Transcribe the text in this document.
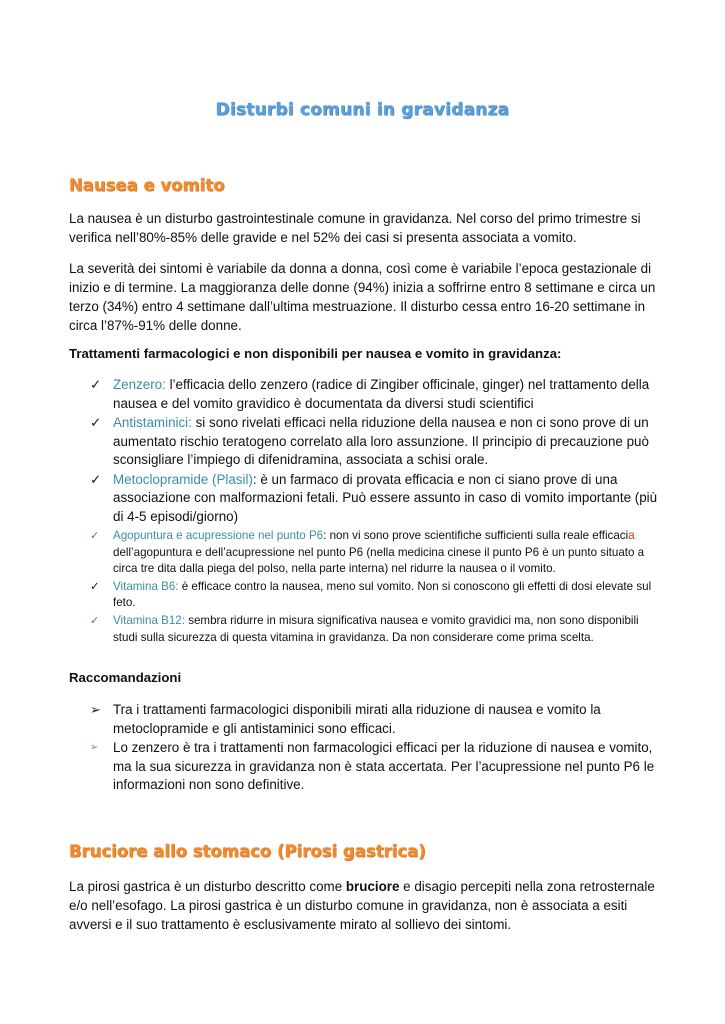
Disturbi comuni in gravidanza
Nausea e vomito
La nausea è un disturbo gastrointestinale comune in gravidanza. Nel corso del primo trimestre si verifica nell’80%-85% delle gravide e nel 52% dei casi si presenta associata a vomito.
La severità dei sintomi è variabile da donna a donna, così come è variabile l’epoca gestazionale di inizio e di termine. La maggioranza delle donne (94%) inizia a soffrirne entro 8 settimane e circa un terzo (34%) entro 4 settimane dall’ultima mestruazione. Il disturbo cessa entro 16-20 settimane in circa l’87%-91% delle donne.
Trattamenti farmacologici e non disponibili per nausea e vomito in gravidanza:
✓ Zenzero: l’efficacia dello zenzero (radice di Zingiber officinale, ginger) nel trattamento della nausea e del vomito gravidico è documentata da diversi studi scientifici
✓ Antistaminici: si sono rivelati efficaci nella riduzione della nausea e non ci sono prove di un aumentato rischio teratogeno correlato alla loro assunzione. Il principio di precauzione può sconsigliare l’impiego di difenidramina, associata a schisi orale.
✓ Metoclopramide (Plasil): è un farmaco di provata efficacia e non ci siano prove di una associazione con malformazioni fetali. Può essere assunto in caso di vomito importante (più di 4-5 episodi/giorno)
✓ Agopuntura e acupressione nel punto P6: non vi sono prove scientifiche sufficienti sulla reale efficacia dell’agopuntura e dell’acupressione nel punto P6 (nella medicina cinese il punto P6 è un punto situato a circa tre dita dalla piega del polso, nella parte interna) nel ridurre la nausea o il vomito.
✓ Vitamina B6: è efficace contro la nausea, meno sul vomito. Non si conoscono gli effetti di dosi elevate sul feto.
✓ Vitamina B12: sembra ridurre in misura significativa nausea e vomito gravidici ma, non sono disponibili studi sulla sicurezza di questa vitamina in gravidanza. Da non considerare come prima scelta.
Raccomandazioni
➢ Tra i trattamenti farmacologici disponibili mirati alla riduzione di nausea e vomito la metoclopramide e gli antistaminici sono efficaci.
➢ Lo zenzero è tra i trattamenti non farmacologici efficaci per la riduzione di nausea e vomito, ma la sua sicurezza in gravidanza non è stata accertata. Per l’acupressione nel punto P6 le informazioni non sono definitive.
Bruciore allo stomaco (Pirosi gastrica)
La pirosi gastrica è un disturbo descritto come bruciore e disagio percepiti nella zona retrosternale e/o nell’esofago. La pirosi gastrica è un disturbo comune in gravidanza, non è associata a esiti avversi e il suo trattamento è esclusivamente mirato al sollievo dei sintomi.
